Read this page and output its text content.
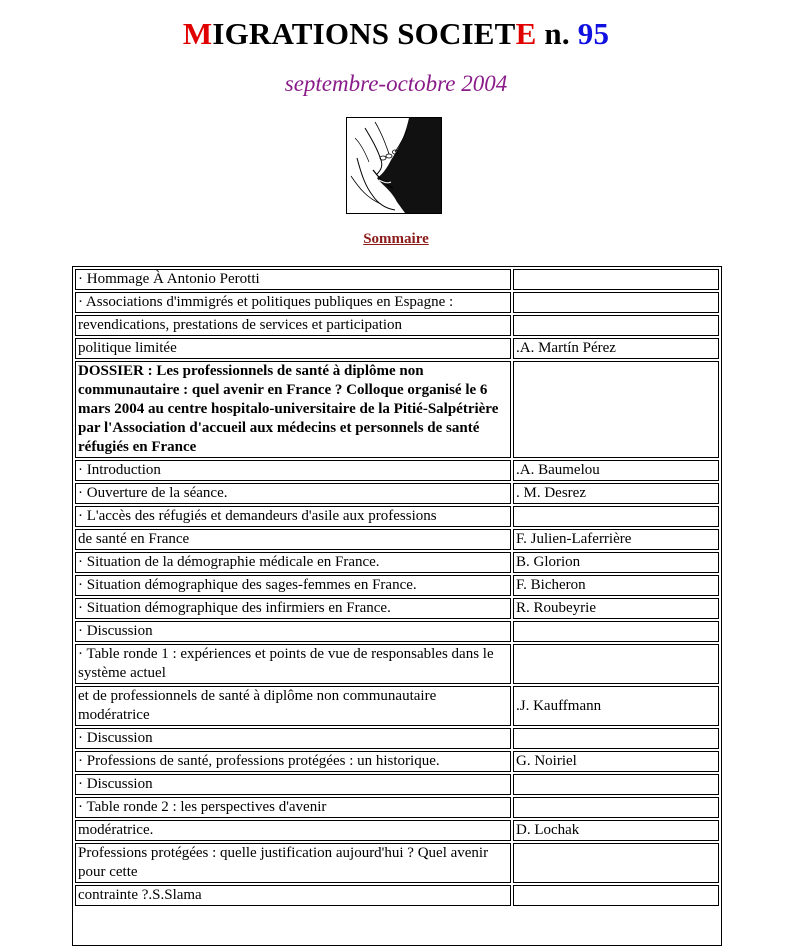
MIGRATIONS SOCIETE n. 95
septembre-octobre 2004
Sommaire
· Hommage À Antonio Perotti	
· Associations d'immigrés et politiques publiques en Espagne :	
revendications, prestations de services et participation	
politique limitée	.A. Martín Pérez
DOSSIER : Les professionnels de santé à diplôme non communautaire : quel avenir en France ? Colloque organisé le 6 mars 2004 au centre hospitalo-universitaire de la Pitié-Salpétrière par l'Association d'accueil aux médecins et personnels de santé réfugiés en France	
· Introduction	.A. Baumelou
· Ouverture de la séance.	. M. Desrez
· L'accès des réfugiés et demandeurs d'asile aux professions	
de santé en France	F. Julien-Laferrière
· Situation de la démographie médicale en France.	B. Glorion
· Situation démographique des sages-femmes en France.	F. Bicheron
· Situation démographique des infirmiers en France.	R. Roubeyrie
· Discussion	
· Table ronde 1 : expériences et points de vue de responsables dans le système actuel	
et de professionnels de santé à diplôme non communautaire modératrice	.J. Kauffmann
· Discussion	
· Professions de santé, professions protégées : un historique.	G. Noiriel
· Discussion	
· Table ronde 2 : les perspectives d'avenir	
modératrice.	D. Lochak
Professions protégées : quelle justification aujourd'hui ? Quel avenir pour cette	
contrainte ?.S.Slama	
